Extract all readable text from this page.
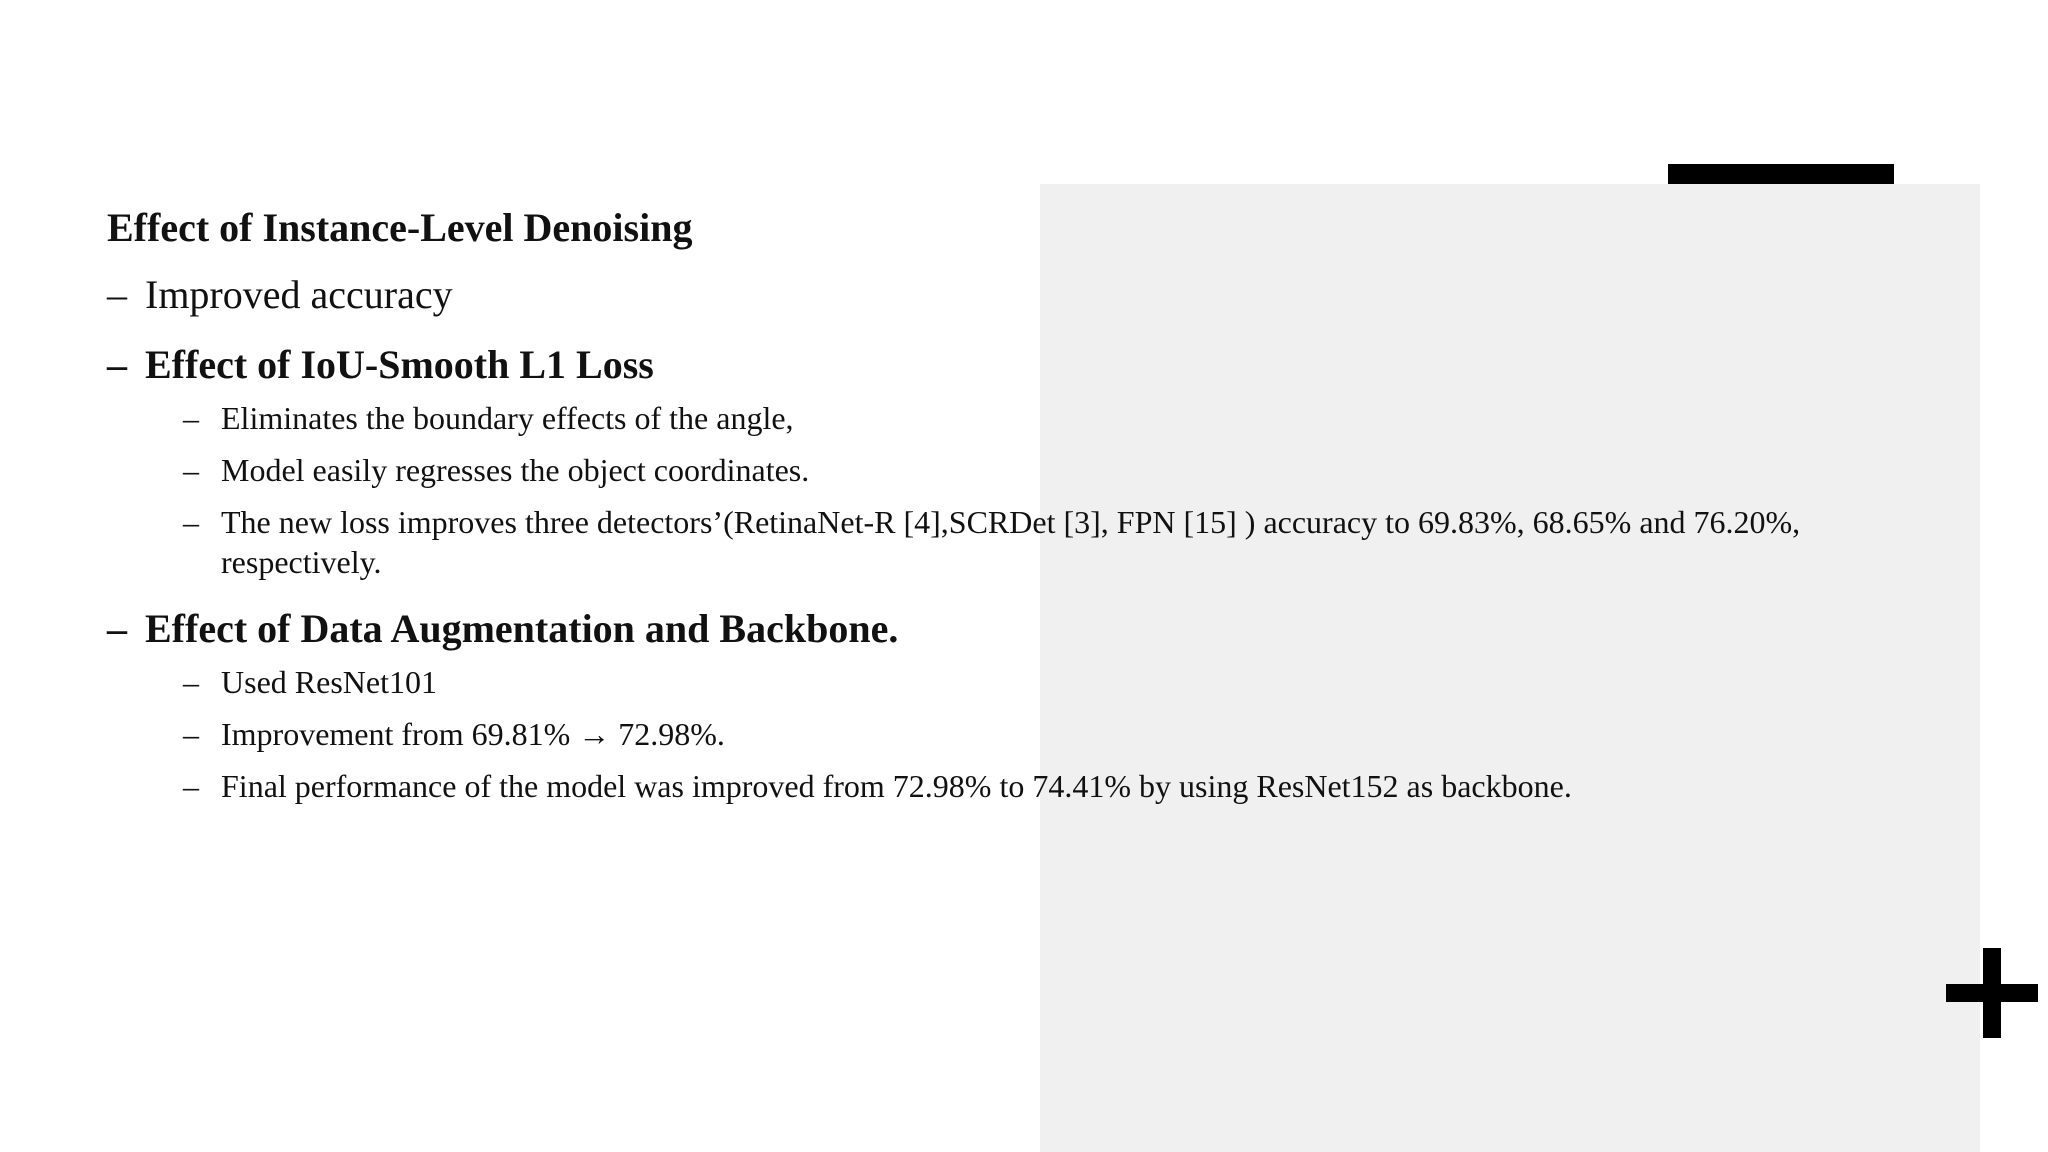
Effect of Instance-Level Denoising
– Improved accuracy
– Effect of IoU-Smooth L1 Loss
– Eliminates the boundary effects of the angle,
– Model easily regresses the object coordinates.
– The new loss improves three detectors’(RetinaNet-R [4],SCRDet [3], FPN [15] ) accuracy to 69.83%, 68.65% and 76.20%, respectively.
– Effect of Data Augmentation and Backbone.
– Used ResNet101
– Improvement from 69.81% → 72.98%.
– Final performance of the model was improved from 72.98% to 74.41% by using ResNet152 as backbone.
